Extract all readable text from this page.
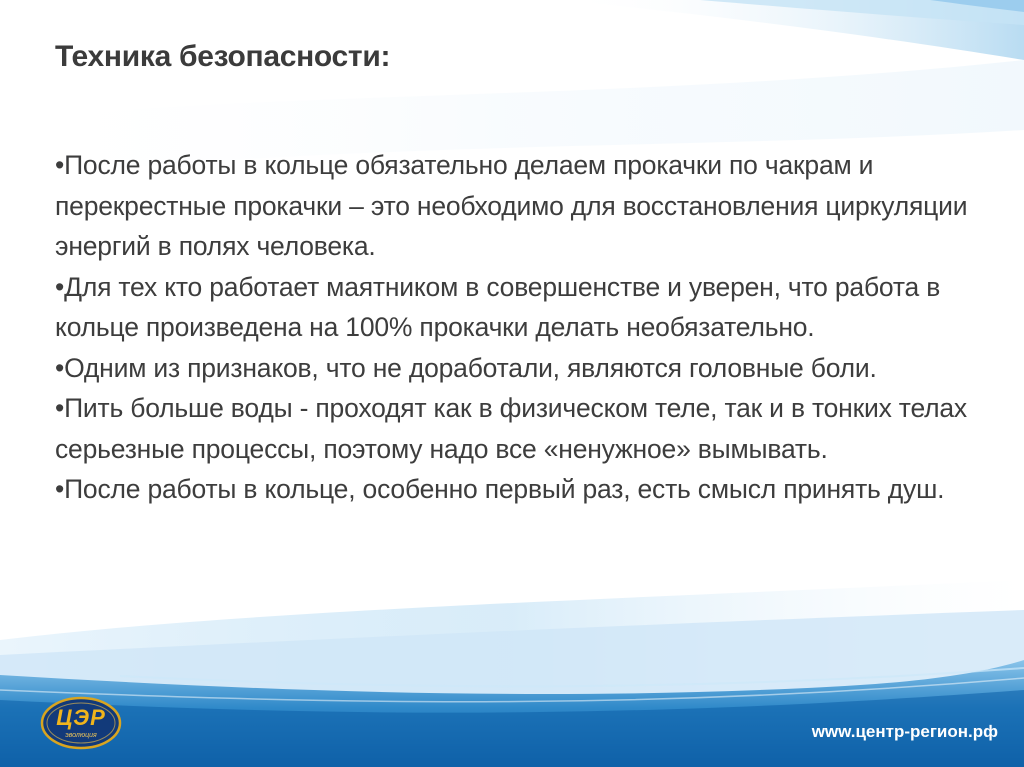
Техника безопасности:

•После работы в кольце обязательно делаем прокачки по чакрам и перекрестные прокачки – это необходимо для восстановления циркуляции энергий в полях человека.

•Для тех кто работает маятником в совершенстве и уверен, что работа в кольце произведена на 100% прокачки делать необязательно.

•Одним из признаков, что не доработали, являются головные боли.

•Пить больше воды - проходят как в физическом теле, так и в тонких телах серьезные процессы, поэтому надо все «ненужное» вымывать.

•После работы в кольце, особенно первый раз, есть смысл принять душ.

ЦЭР
эволюция	www.центр-регион.рф
